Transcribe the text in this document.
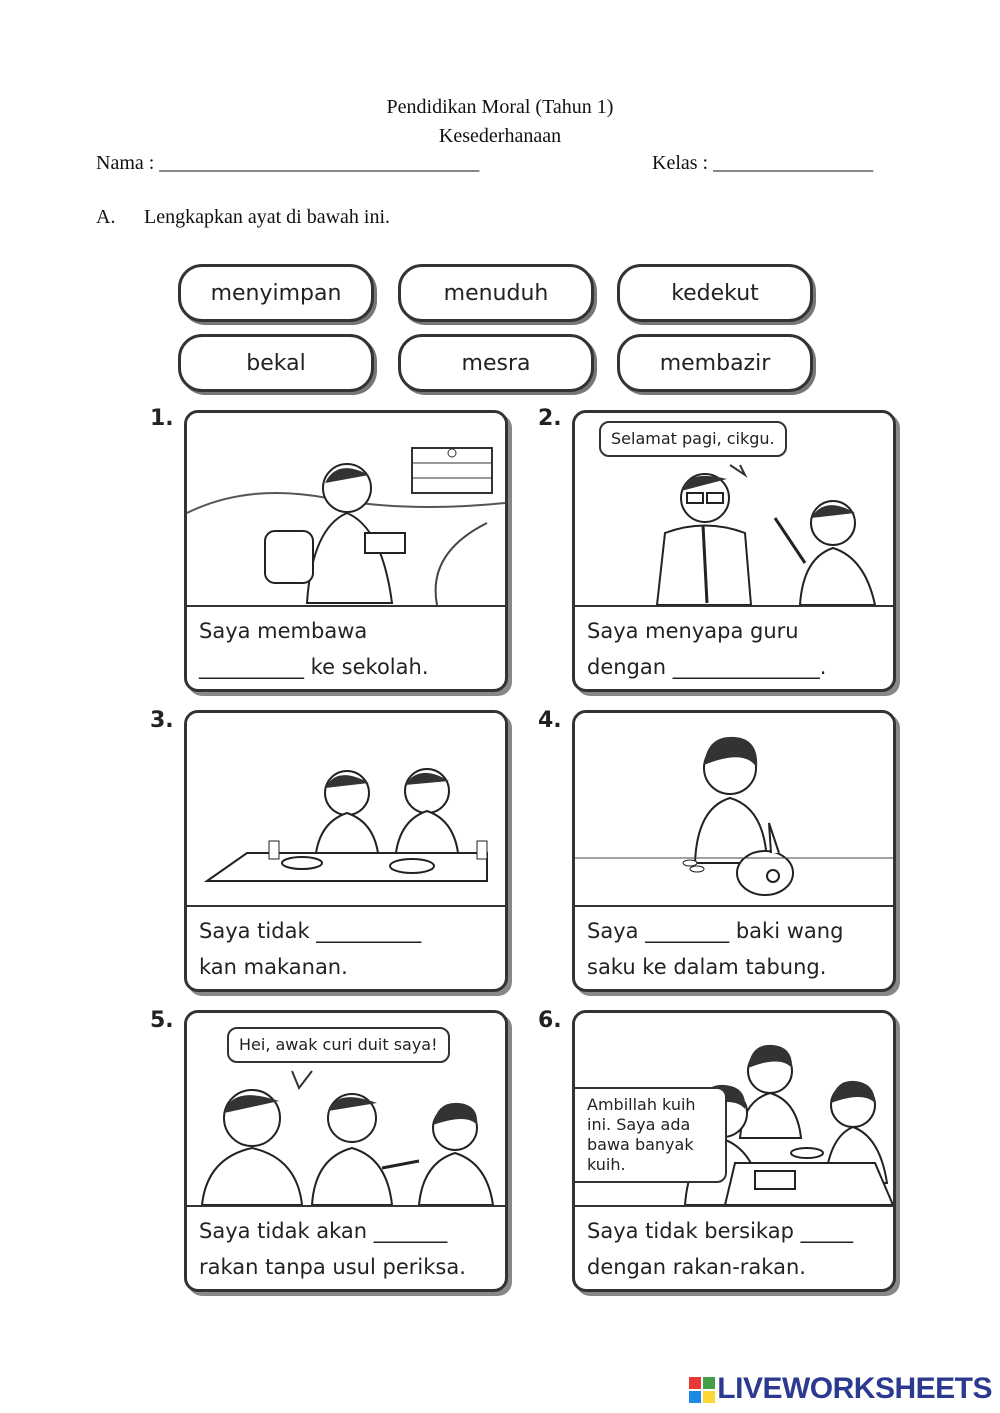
Pendidikan Moral (Tahun 1)
Kesederhanaan
Nama : ________________________________	Kelas : ________________
A. Lengkapkan ayat di bawah ini.
menyimpan	menuduh	kedekut
bekal	mesra	membazir
1.	2.
3.	4.
5.	6.
Saya membawa
__________ ke sekolah.
Selamat pagi, cikgu.
Saya menyapa guru
dengan ______________.
Saya tidak __________
kan makanan.
Saya ________ baki wang
saku ke dalam tabung.
Hei, awak curi duit saya!
Saya tidak akan _______
rakan tanpa usul periksa.
Ambillah kuih ini. Saya ada bawa banyak kuih.
Saya tidak bersikap _____
dengan rakan-rakan.
LIVEWORKSHEETS
